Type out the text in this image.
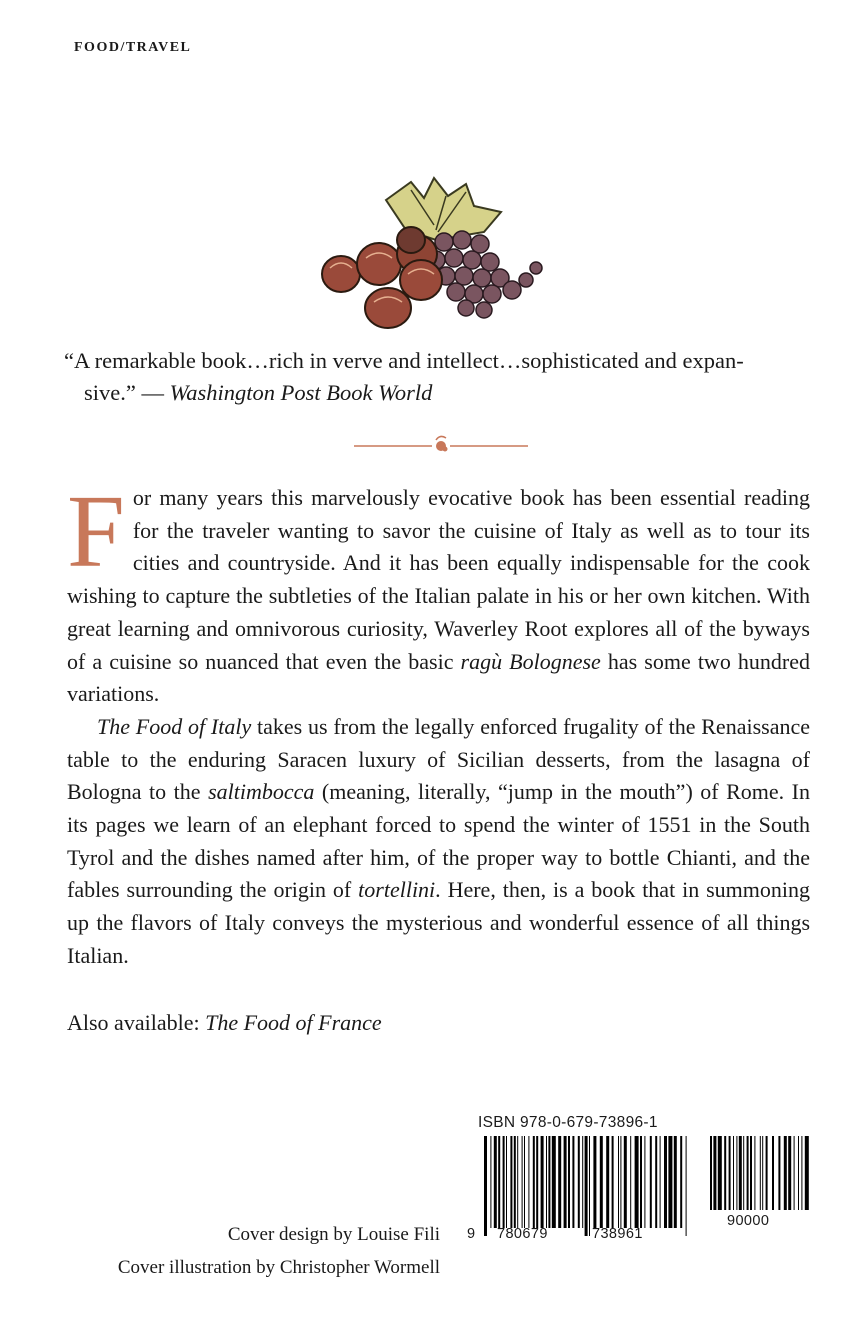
FOOD/TRAVEL
“A remarkable book…rich in verve and intellect…sophisticated and expan-
sive.” — Washington Post Book World

For many years this marvelously evocative book has been essential reading for the traveler wanting to savor the cuisine of Italy as well as to tour its cities and countryside. And it has been equally indispensable for the cook wishing to capture the subtleties of the Italian palate in his or her own kitchen. With great learning and omnivorous curiosity, Waverley Root explores all of the byways of a cuisine so nuanced that even the basic ragù Bolognese has some two hundred variations.

The Food of Italy takes us from the legally enforced frugality of the Renaissance table to the enduring Saracen luxury of Sicilian desserts, from the lasagna of Bologna to the saltimbocca (meaning, literally, “jump in the mouth”) of Rome. In its pages we learn of an elephant forced to spend the winter of 1551 in the South Tyrol and the dishes named after him, of the proper way to bottle Chianti, and the fables surrounding the origin of tortellini. Here, then, is a book that in summoning up the flavors of Italy conveys the mysterious and wonderful essence of all things Italian.

Also available: The Food of France
ISBN 978-0-679-73896-1
9 780679	738961
90000
Cover design by Louise Fili
Cover illustration by Christopher Wormell
